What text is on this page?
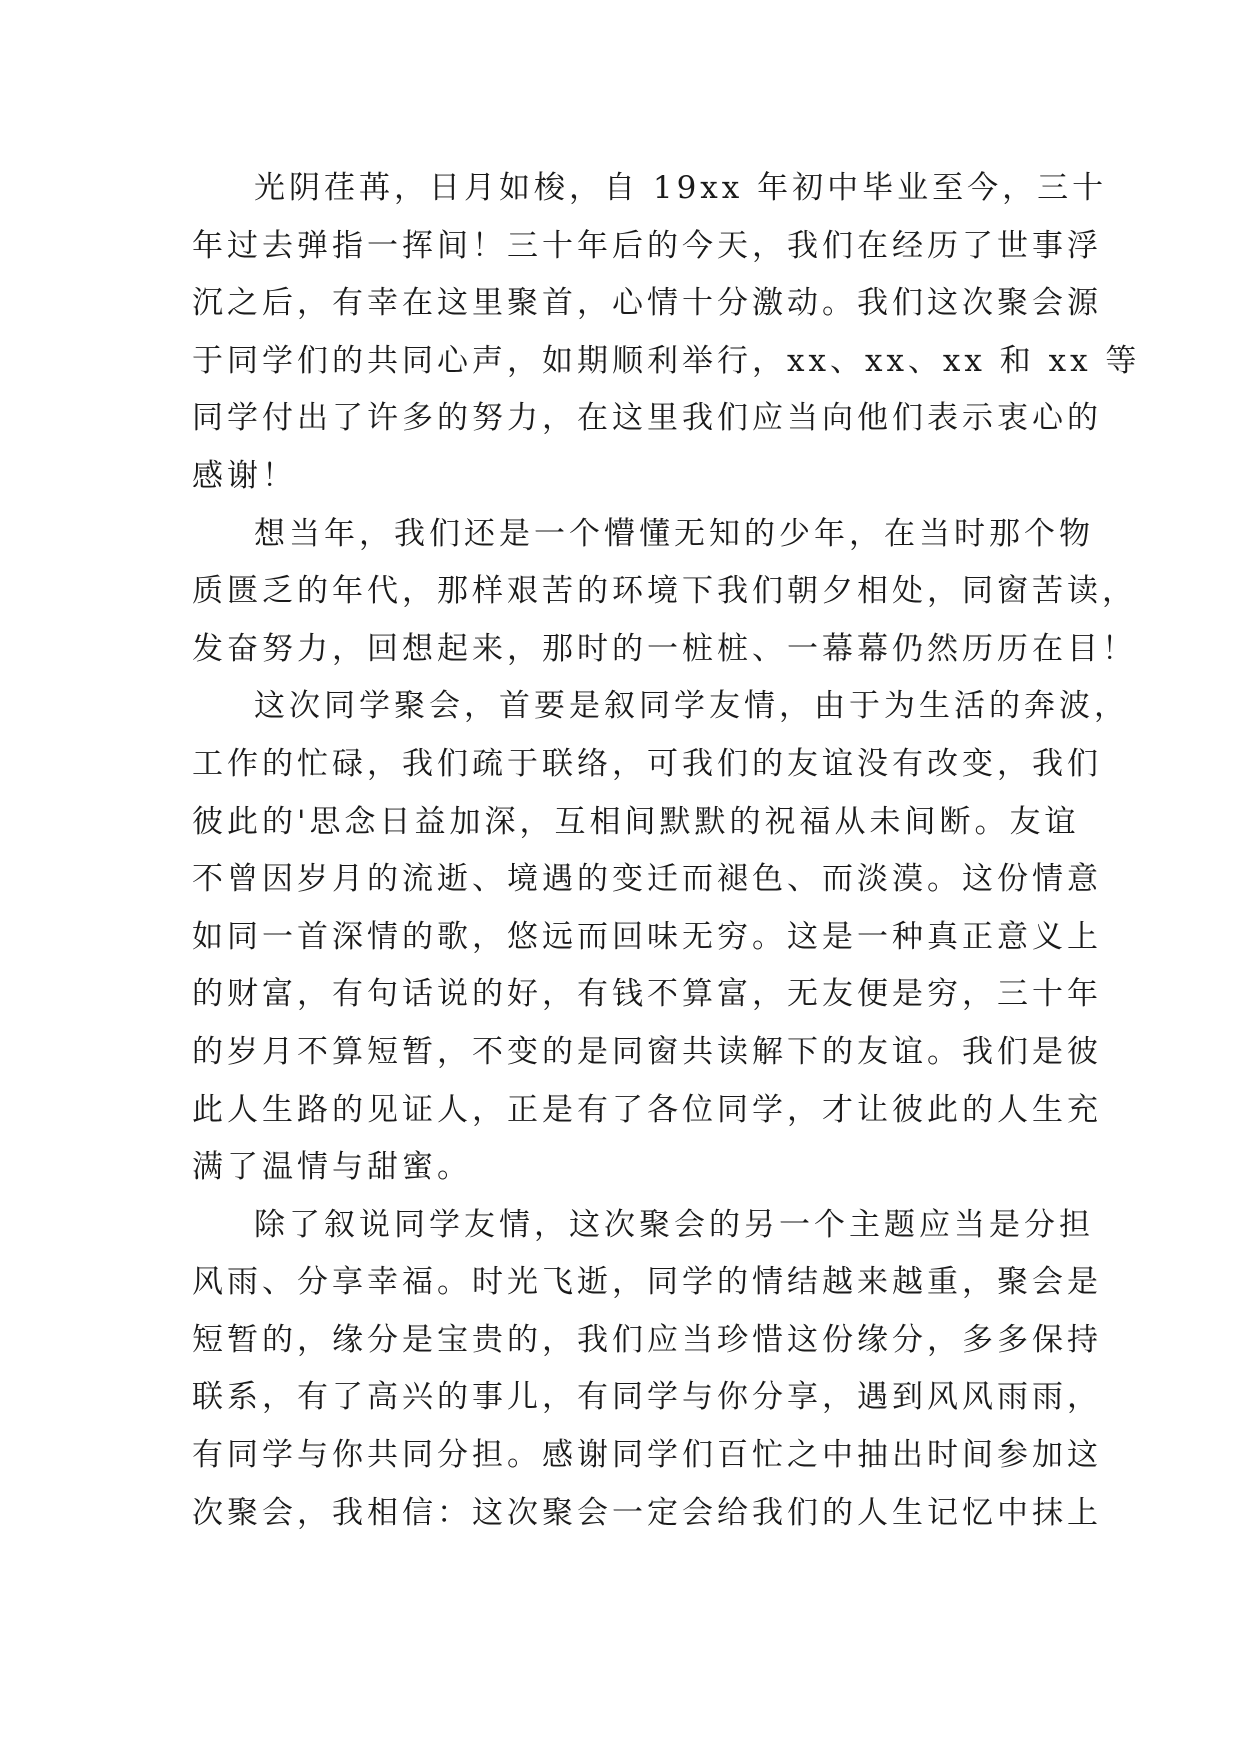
光阴荏苒，日月如梭，自 19xx 年初中毕业至今，三十
年过去弹指一挥间！三十年后的今天，我们在经历了世事浮
沉之后，有幸在这里聚首，心情十分激动。我们这次聚会源
于同学们的共同心声，如期顺利举行，xx、xx、xx 和 xx 等
同学付出了许多的努力，在这里我们应当向他们表示衷心的
感谢！
想当年，我们还是一个懵懂无知的少年，在当时那个物
质匮乏的年代，那样艰苦的环境下我们朝夕相处，同窗苦读，
发奋努力，回想起来，那时的一桩桩、一幕幕仍然历历在目！
这次同学聚会，首要是叙同学友情，由于为生活的奔波，
工作的忙碌，我们疏于联络，可我们的友谊没有改变，我们
彼此的'思念日益加深，互相间默默的祝福从未间断。友谊
不曾因岁月的流逝、境遇的变迁而褪色、而淡漠。这份情意
如同一首深情的歌，悠远而回味无穷。这是一种真正意义上
的财富，有句话说的好，有钱不算富，无友便是穷，三十年
的岁月不算短暂，不变的是同窗共读解下的友谊。我们是彼
此人生路的见证人，正是有了各位同学，才让彼此的人生充
满了温情与甜蜜。
除了叙说同学友情，这次聚会的另一个主题应当是分担
风雨、分享幸福。时光飞逝，同学的情结越来越重，聚会是
短暂的，缘分是宝贵的，我们应当珍惜这份缘分，多多保持
联系，有了高兴的事儿，有同学与你分享，遇到风风雨雨，
有同学与你共同分担。感谢同学们百忙之中抽出时间参加这
次聚会，我相信：这次聚会一定会给我们的人生记忆中抹上
